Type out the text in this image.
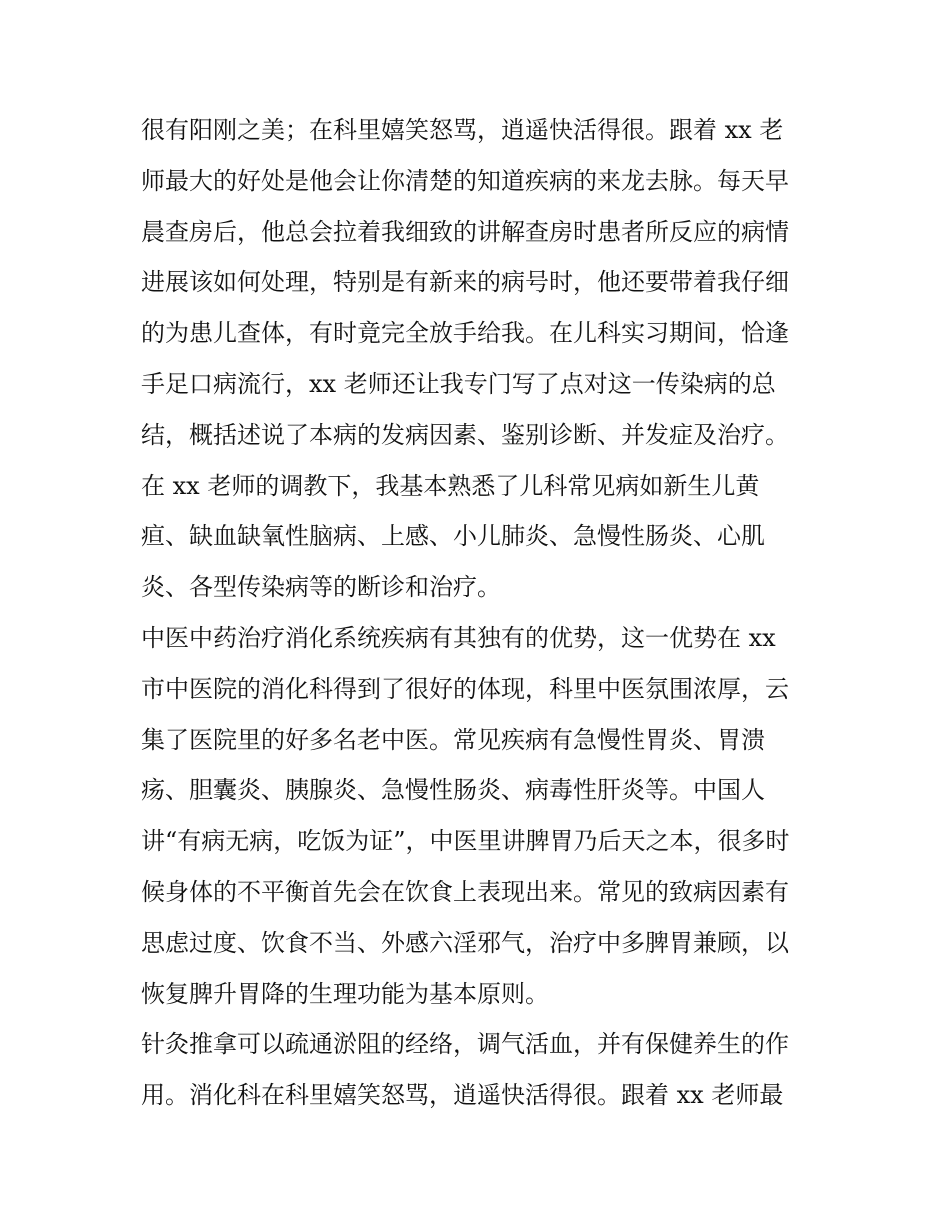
很有阳刚之美；在科里嬉笑怒骂，逍遥快活得很。跟着 xx 老
师最大的好处是他会让你清楚的知道疾病的来龙去脉。每天早
晨查房后，他总会拉着我细致的讲解查房时患者所反应的病情
进展该如何处理，特别是有新来的病号时，他还要带着我仔细
的为患儿查体，有时竟完全放手给我。在儿科实习期间，恰逢
手足口病流行，xx 老师还让我专门写了点对这一传染病的总
结，概括述说了本病的发病因素、鉴别诊断、并发症及治疗。
在 xx 老师的调教下，我基本熟悉了儿科常见病如新生儿黄
疸、缺血缺氧性脑病、上感、小儿肺炎、急慢性肠炎、心肌
炎、各型传染病等的断诊和治疗。
中医中药治疗消化系统疾病有其独有的优势，这一优势在 xx
市中医院的消化科得到了很好的体现，科里中医氛围浓厚，云
集了医院里的好多名老中医。常见疾病有急慢性胃炎、胃溃
疡、胆囊炎、胰腺炎、急慢性肠炎、病毒性肝炎等。中国人
讲“有病无病，吃饭为证”，中医里讲脾胃乃后天之本，很多时
候身体的不平衡首先会在饮食上表现出来。常见的致病因素有
思虑过度、饮食不当、外感六淫邪气，治疗中多脾胃兼顾，以
恢复脾升胃降的生理功能为基本原则。
针灸推拿可以疏通淤阻的经络，调气活血，并有保健养生的作
用。消化科在科里嬉笑怒骂，逍遥快活得很。跟着 xx 老师最
